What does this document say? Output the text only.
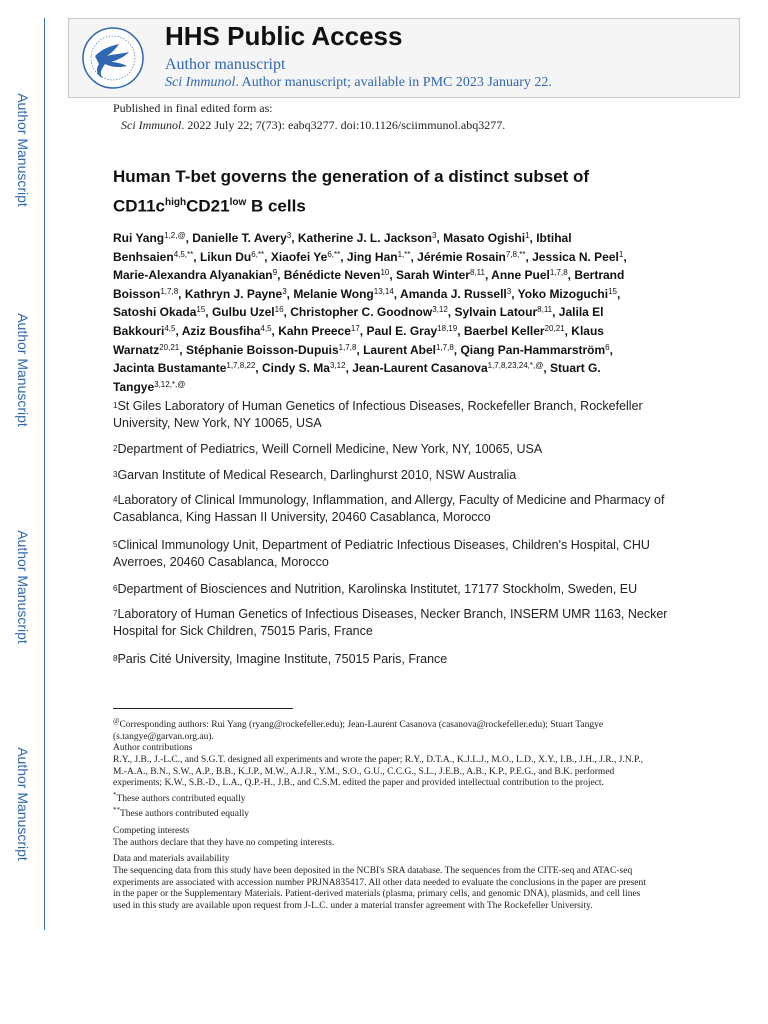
Author Manuscript
Author Manuscript
Author Manuscript
Author Manuscript
HHS Public Access
Author manuscript
Sci Immunol. Author manuscript; available in PMC 2023 January 22.
Published in final edited form as:
Sci Immunol. 2022 July 22; 7(73): eabq3277. doi:10.1126/sciimmunol.abq3277.
Human T-bet governs the generation of a distinct subset of
$CD11c^{high}CD21^{low}$ B cells
Rui Yang$^{1,2,@}$, Danielle T. Avery$^3$, Katherine J. L. Jackson$^3$, Masato Ogishi$^1$, Ibtihal Benhsaien$^{4,5,**}$, Likun $Du^{6,**}$, Xiaofei $Ye^{6,**}$, Jing Han$^{1,**}$, Jérémie Rosain$^{7,8,**}$, Jessica N. Peel$^1$, Marie-Alexandra Alyanakian$^9$, Bénédicte Neven$^{10}$, Sarah Winter$^{8,11}$, Anne Puel$^{1,7,8}$, Bertrand Boisson$^{1,7,8}$, Kathryn J. Payne$^3$, Melanie Wong$^{13,14}$, Amanda J. Russell$^3$, Yoko Mizoguchi$^{15}$, Satoshi Okada$^{15}$, Gulbu Uzel$^{16}$, Christopher C. Goodnow$^{3,12}$, Sylvain Latour$^{8,11}$, Jalila El Bakkouri$^{4,5}$, Aziz Bousfiha$^{4,5}$, Kahn Preece$^{17}$, Paul E. Gray$^{18,19}$, Baerbel Keller$^{20,21}$, Klaus Warnatz$^{20,21}$, Stéphanie Boisson-Dupuis$^{1,7,8}$, Laurent Abel$^{1,7,8}$, Qiang Pan-Hammarström$^6$, Jacinta Bustamante$^{1,7,8,22}$, Cindy S. Ma$^{3,12}$, Jean-Laurent Casanova$^{1,7,8,23,24,*,@}$, Stuart G. Tangye$^{3,12,*,@}$
$^1$St Giles Laboratory of Human Genetics of Infectious Diseases, Rockefeller Branch, Rockefeller University, New York, NY 10065, USA
$^2$Department of Pediatrics, Weill Cornell Medicine, New York, NY, 10065, USA
$^3$Garvan Institute of Medical Research, Darlinghurst 2010, NSW Australia
$^4$Laboratory of Clinical Immunology, Inflammation, and Allergy, Faculty of Medicine and Pharmacy of Casablanca, King Hassan II University, 20460 Casablanca, Morocco
$^5$Clinical Immunology Unit, Department of Pediatric Infectious Diseases, Children's Hospital, CHU Averroes, 20460 Casablanca, Morocco
$^6$Department of Biosciences and Nutrition, Karolinska Institutet, 17177 Stockholm, Sweden, EU
$^7$Laboratory of Human Genetics of Infectious Diseases, Necker Branch, INSERM UMR 1163, Necker Hospital for Sick Children, 75015 Paris, France
$^8$Paris Cité University, Imagine Institute, 75015 Paris, France

@Corresponding authors: Rui Yang (ryang@rockefeller.edu); Jean-Laurent Casanova (casanova@rockefeller.edu); Stuart Tangye (s.tangye@garvan.org.au).

Author contributions

R.Y., J.B., J.-L.C., and S.G.T. designed all experiments and wrote the paper; R.Y., D.T.A., K.J.L.J., M.O., L.D., X.Y., I.B., J.H., J.R., J.N.P., M.-A.A., B.N., S.W., A.P., B.B., K.J.P., M.W., A.J.R., Y.M., S.O., G.U., C.C.G., S.L., J.E.B., A.B., K.P., P.E.G., and B.K. performed experiments; K.W., S.B.-D., L.A., Q.P.-H., J.B., and C.S.M. edited the paper and provided intellectual contribution to the project.

*These authors contributed equally

**These authors contributed equally

Competing interests

The authors declare that they have no competing interests.

Data and materials availability

The sequencing data from this study have been deposited in the NCBI's SRA database. The sequences from the CITE-seq and ATAC-seq experiments are associated with accession number PRJNA835417. All other data needed to evaluate the conclusions in the paper are present in the paper or the Supplementary Materials. Patient-derived materials (plasma, primary cells, and genomic DNA), plasmids, and cell lines used in this study are available upon request from J-L.C. under a material transfer agreement with The Rockefeller University.
